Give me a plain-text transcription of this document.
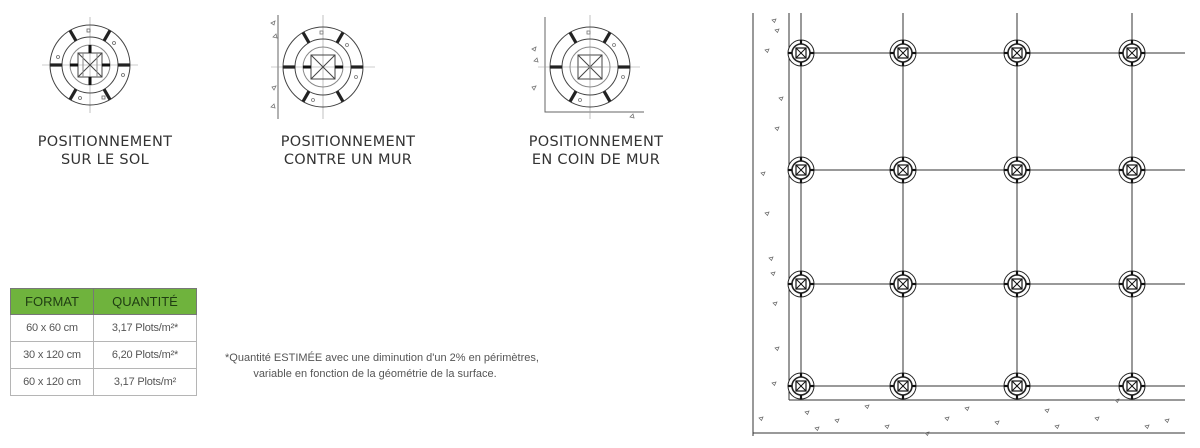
POSITIONNEMENT
SUR LE SOL
POSITIONNEMENT
CONTRE UN MUR
POSITIONNEMENT
EN COIN DE MUR
FORMAT	QUANTITÉ
60 x 60 cm	3,17 Plots/m²*
30 x 120 cm	6,20 Plots/m²*
60 x 120 cm	3,17 Plots/m²
*Quantité ESTIMÉE avec une diminution d'un 2% en périmètres,
variable en fonction de la géométrie de la surface.
